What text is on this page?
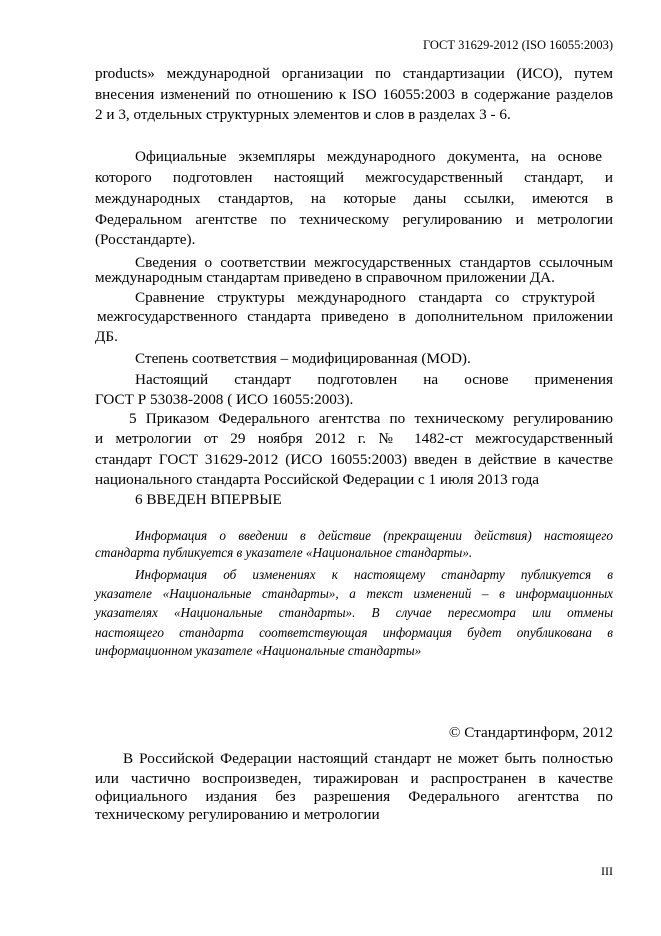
ГОСТ 31629-2012 (ISO 16055:2003)
products» международной организации по стандартизации (ИСО), путем
внесения изменений по отношению к ISO 16055:2003 в содержание разделов
2 и 3, отдельных структурных элементов и слов в разделах 3 - 6.
Официальные экземпляры международного документа, на основе
которого подготовлен настоящий межгосударственный стандарт, и
международных стандартов, на которые даны ссылки, имеются в
Федеральном агентстве по техническому регулированию и метрологии
(Росстандарте).
Сведения о соответствии межгосударственных стандартов ссылочным
международным стандартам приведено в справочном приложении ДА.
Сравнение структуры международного стандарта со структурой
межгосударственного стандарта приведено в дополнительном приложении
ДБ.
Степень соответствия – модифицированная (MOD).
Настоящий стандарт подготовлен на основе применения
ГОСТ Р 53038-2008 ( ИСО 16055:2003).
5 Приказом Федерального агентства по техническому регулированию
и метрологии от 29 ноября 2012 г. № 1482-ст межгосударственный
стандарт ГОСТ 31629-2012 (ИСО 16055:2003) введен в действие в качестве
национального стандарта Российской Федерации с 1 июля 2013 года
6 ВВЕДЕН ВПЕРВЫЕ
Информация о введении в действие (прекращении действия) настоящего
стандарта публикуется в указателе «Национальное стандарты».
Информация об изменениях к настоящему стандарту публикуется в
указателе «Национальные стандарты», а текст изменений – в информационных
указателях «Национальные стандарты». В случае пересмотра или отмены
настоящего стандарта соответствующая информация будет опубликована в
информационном указателе «Национальные стандарты»
© Стандартинформ, 2012
В Российской Федерации настоящий стандарт не может быть полностью
или частично воспроизведен, тиражирован и распространен в качестве
официального издания без разрешения Федерального агентства по
техническому регулированию и метрологии
III
